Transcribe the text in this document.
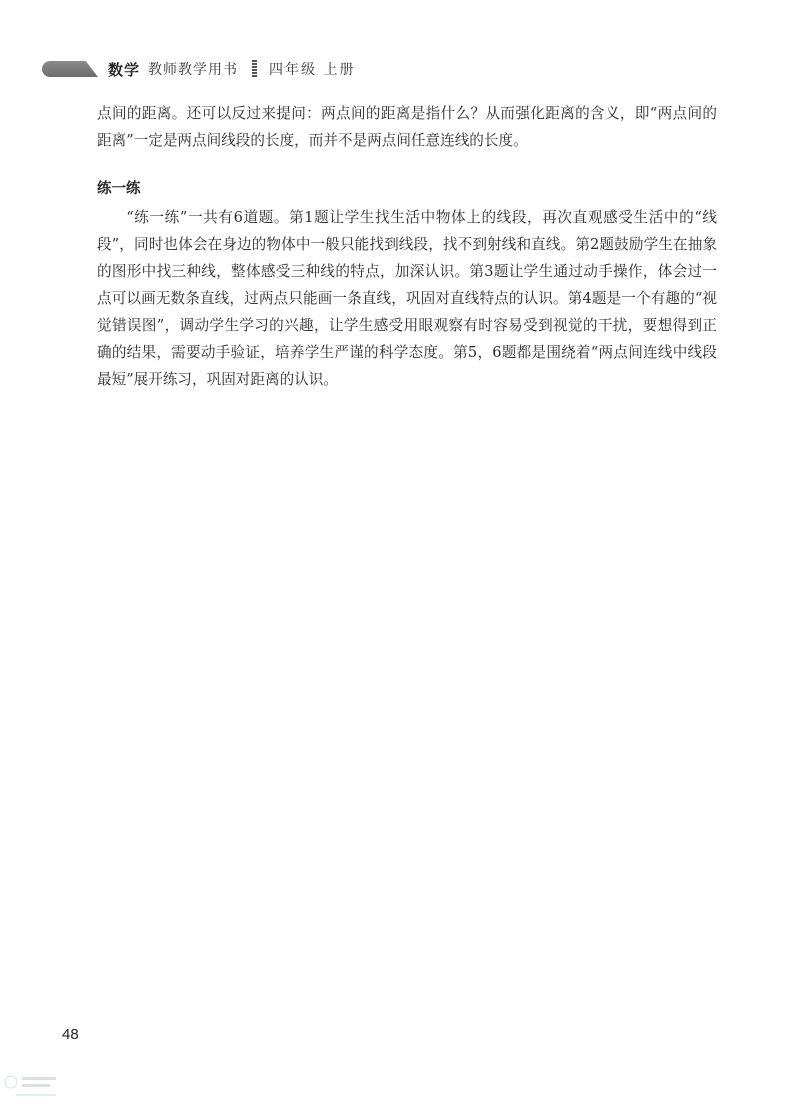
数学 教师教学用书 四年级 上册

点间的距离。还可以反过来提问：两点间的距离是指什么？从而强化距离的含义，即“两点间的距离”一定是两点间线段的长度，而并不是两点间任意连线的长度。

练一练

“练一练”一共有6道题。第1题让学生找生活中物体上的线段，再次直观感受生活中的“线段”，同时也体会在身边的物体中一般只能找到线段，找不到射线和直线。第2题鼓励学生在抽象的图形中找三种线，整体感受三种线的特点，加深认识。第3题让学生通过动手操作，体会过一点可以画无数条直线，过两点只能画一条直线，巩固对直线特点的认识。第4题是一个有趣的“视觉错误图”，调动学生学习的兴趣，让学生感受用眼观察有时容易受到视觉的干扰，要想得到正确的结果，需要动手验证，培养学生严谨的科学态度。第5，6题都是围绕着“两点间连线中线段最短”展开练习，巩固对距离的认识。

48
